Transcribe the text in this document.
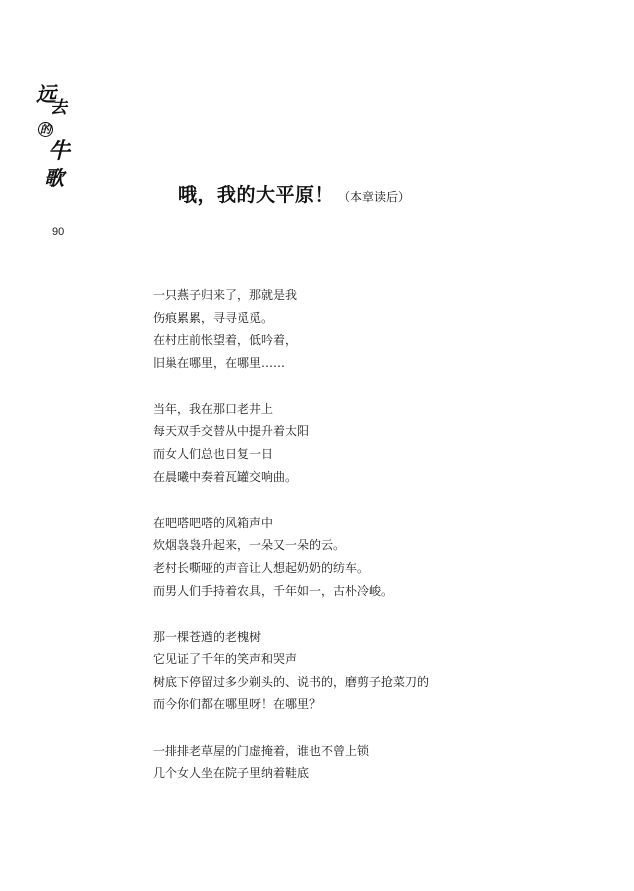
远
去
的
牛
歌
90
哦，我的大平原！ （本章读后）
一只燕子归来了，那就是我
伤痕累累，寻寻觅觅。
在村庄前怅望着，低吟着，
旧巢在哪里，在哪里……
当年，我在那口老井上
每天双手交替从中提升着太阳
而女人们总也日复一日
在晨曦中奏着瓦罐交响曲。
在吧嗒吧嗒的风箱声中
炊烟袅袅升起来，一朵又一朵的云。
老村长嘶哑的声音让人想起奶奶的纺车。
而男人们手持着农具，千年如一，古朴冷峻。
那一棵苍遒的老槐树
它见证了千年的笑声和哭声
树底下停留过多少剃头的、说书的，磨剪子抢菜刀的
而今你们都在哪里呀！在哪里？
一排排老草屋的门虚掩着，谁也不曾上锁
几个女人坐在院子里纳着鞋底
